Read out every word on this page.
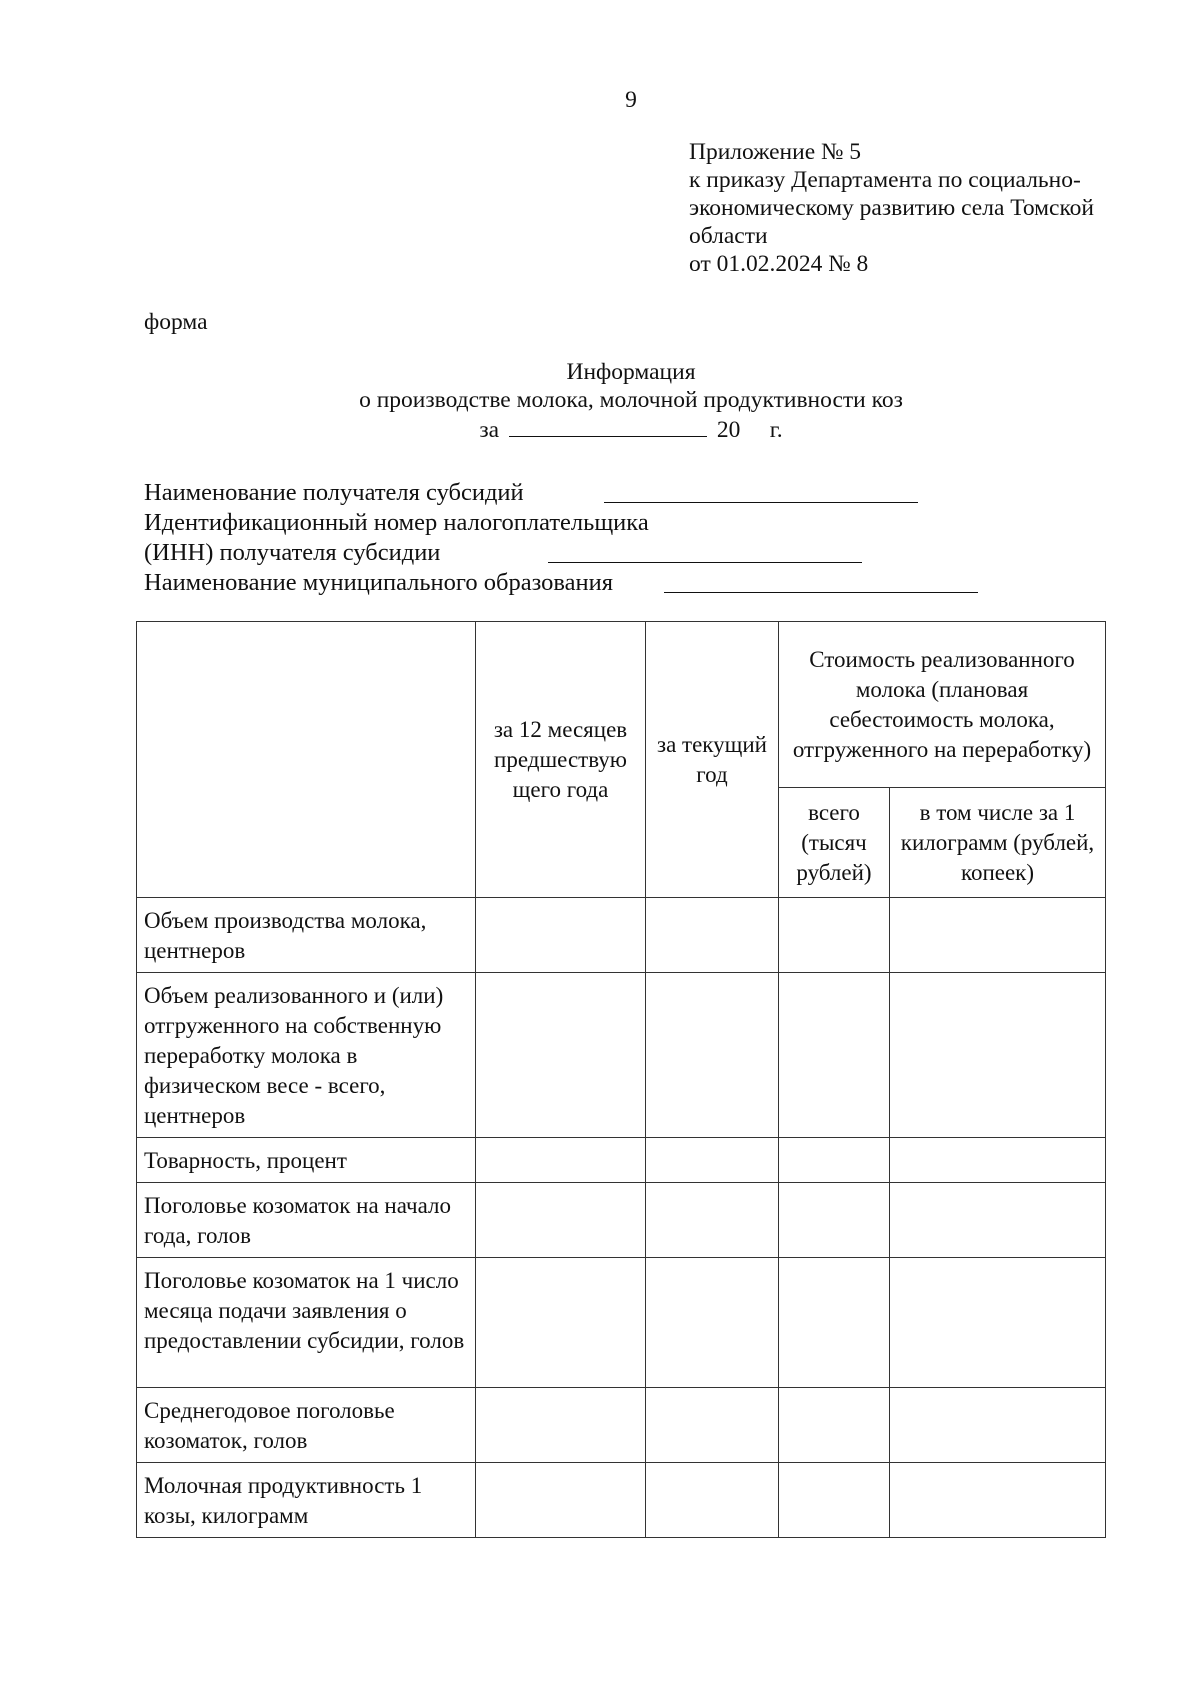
9
Приложение № 5
к приказу Департамента по социально-
экономическому развитию села Томской
области
от 01.02.2024 № 8
форма
Информация
о производстве молока, молочной продуктивности коз
за	20 г.
Наименование получателя субсидий
Идентификационный номер налогоплательщика
(ИНН) получателя субсидии
Наименование муниципального образования
	за 12 месяцев предшествую щего года	за текущий год	Стоимость реализованного молока (плановая себестоимость молока, отгруженного на переработку)	
			всего (тысяч рублей)	в том числе за 1 килограмм (рублей, копеек)
Объем производства молока, центнеров				
Объем реализованного и (или) отгруженного на собственную переработку молока в физическом весе - всего, центнеров				
Товарность, процент				
Поголовье козоматок на начало года, голов				
Поголовье козоматок на 1 число месяца подачи заявления о предоставлении субсидии, голов				
Среднегодовое поголовье козоматок, голов				
Молочная продуктивность 1 козы, килограмм				
